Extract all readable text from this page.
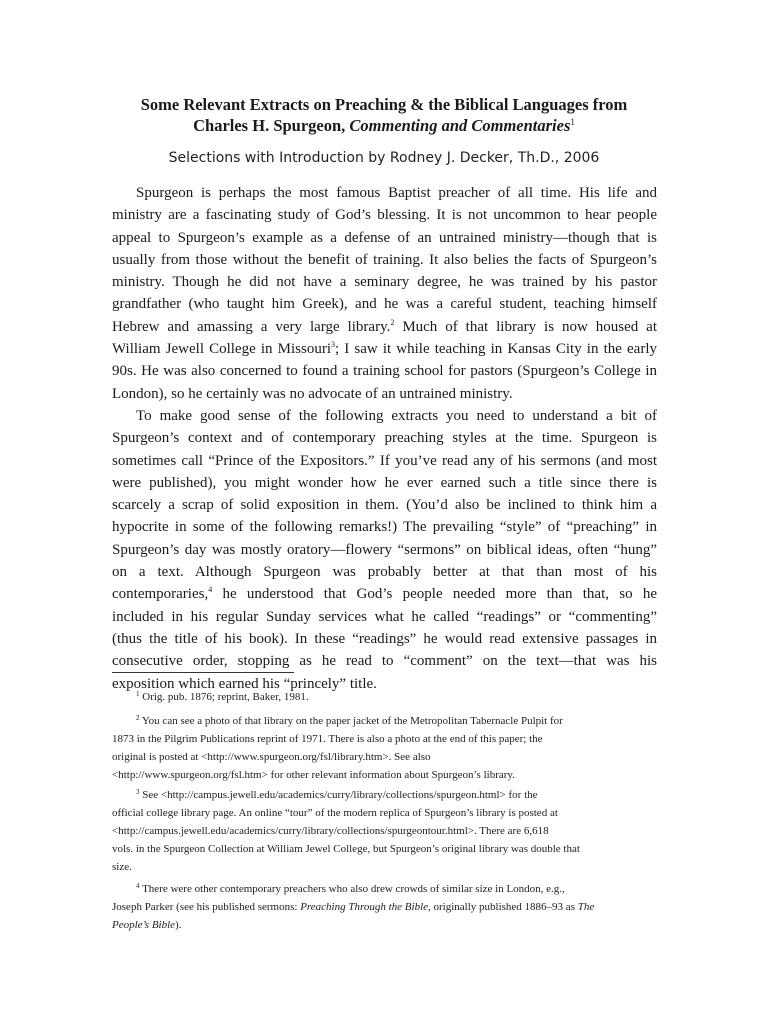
Some Relevant Extracts on Preaching & the Biblical Languages from
Charles H. Spurgeon, Commenting and Commentaries$^1$
Selections with Introduction by Rodney J. Decker, Th.D., 2006
Spurgeon is perhaps the most famous Baptist preacher of all time. His life and
ministry are a fascinating study of God’s blessing. It is not uncommon to hear people
appeal to Spurgeon’s example as a defense of an untrained ministry—though that is
usually from those without the benefit of training. It also belies the facts of Spurgeon’s
ministry. Though he did not have a seminary degree, he was trained by his pastor
grandfather (who taught him Greek), and he was a careful student, teaching himself
Hebrew and amassing a very large library.$^2$ Much of that library is now housed at
William Jewell College in Missouri$^3$; I saw it while teaching in Kansas City in the early
90s. He was also concerned to found a training school for pastors (Spurgeon’s College in
London), so he certainly was no advocate of an untrained ministry.
To make good sense of the following extracts you need to understand a bit of
Spurgeon’s context and of contemporary preaching styles at the time. Spurgeon is
sometimes call “Prince of the Expositors.” If you’ve read any of his sermons (and most
were published), you might wonder how he ever earned such a title since there is
scarcely a scrap of solid exposition in them. (You’d also be inclined to think him a
hypocrite in some of the following remarks!) The prevailing “style” of “preaching” in
Spurgeon’s day was mostly oratory—flowery “sermons” on biblical ideas, often “hung”
on a text. Although Spurgeon was probably better at that than most of his
contemporaries,$^4$ he understood that God’s people needed more than that, so he
included in his regular Sunday services what he called “readings” or “commenting”
(thus the title of his book). In these “readings” he would read extensive passages in
consecutive order, stopping as he read to “comment” on the text—that was his
exposition which earned his “princely” title.
$^1$ Orig. pub. 1876; reprint, Baker, 1981.
$^2$ You can see a photo of that library on the paper jacket of the Metropolitan Tabernacle Pulpit for
1873 in the Pilgrim Publications reprint of 1971. There is also a photo at the end of this paper; the
original is posted at <http://www.spurgeon.org/fsl/library.htm>. See also
<http://www.spurgeon.org/fsl.htm> for other relevant information about Spurgeon’s library.
$^3$ See <http://campus.jewell.edu/academics/curry/library/collections/spurgeon.html> for the
official college library page. An online “tour” of the modern replica of Spurgeon’s library is posted at
<http://campus.jewell.edu/academics/curry/library/collections/spurgeontour.html>. There are 6,618
vols. in the Spurgeon Collection at William Jewel College, but Spurgeon’s original library was double that
size.
$^4$ There were other contemporary preachers who also drew crowds of similar size in London, e.g.,
Joseph Parker (see his published sermons: Preaching Through the Bible, originally published 1886–93 as The
People’s Bible).
